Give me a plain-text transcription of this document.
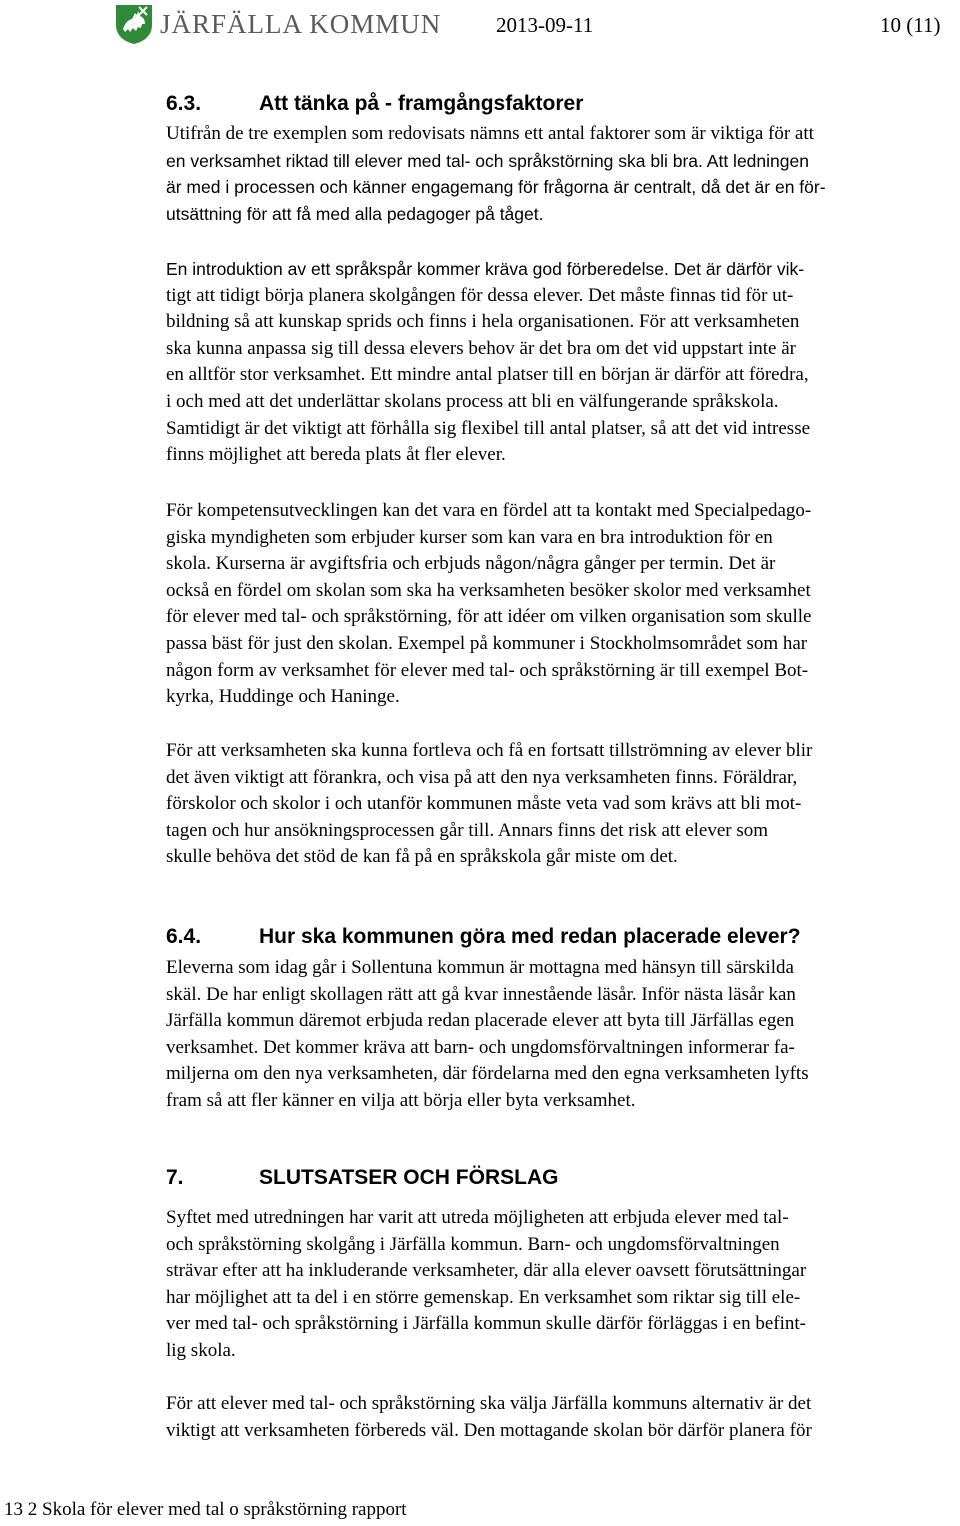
JÄRFÄLLA KOMMUN	2013-09-11	10 (11)
6.3.	Att tänka på - framgångsfaktorer
Utifrån de tre exemplen som redovisats nämns ett antal faktorer som är viktiga för att
en verksamhet riktad till elever med tal- och språkstörning ska bli bra. Att ledningen
är med i processen och känner engagemang för frågorna är centralt, då det är en för-
utsättning för att få med alla pedagoger på tåget.
En introduktion av ett språkspår kommer kräva god förberedelse. Det är därför vik-
tigt att tidigt börja planera skolgången för dessa elever. Det måste finnas tid för ut-
bildning så att kunskap sprids och finns i hela organisationen. För att verksamheten
ska kunna anpassa sig till dessa elevers behov är det bra om det vid uppstart inte är
en alltför stor verksamhet. Ett mindre antal platser till en början är därför att föredra,
i och med att det underlättar skolans process att bli en välfungerande språkskola.
Samtidigt är det viktigt att förhålla sig flexibel till antal platser, så att det vid intresse
finns möjlighet att bereda plats åt fler elever.
För kompetensutvecklingen kan det vara en fördel att ta kontakt med Specialpedago-
giska myndigheten som erbjuder kurser som kan vara en bra introduktion för en
skola. Kurserna är avgiftsfria och erbjuds någon/några gånger per termin. Det är
också en fördel om skolan som ska ha verksamheten besöker skolor med verksamhet
för elever med tal- och språkstörning, för att idéer om vilken organisation som skulle
passa bäst för just den skolan. Exempel på kommuner i Stockholmsområdet som har
någon form av verksamhet för elever med tal- och språkstörning är till exempel Bot-
kyrka, Huddinge och Haninge.
För att verksamheten ska kunna fortleva och få en fortsatt tillströmning av elever blir
det även viktigt att förankra, och visa på att den nya verksamheten finns. Föräldrar,
förskolor och skolor i och utanför kommunen måste veta vad som krävs att bli mot-
tagen och hur ansökningsprocessen går till. Annars finns det risk att elever som
skulle behöva det stöd de kan få på en språkskola går miste om det.
6.4.	Hur ska kommunen göra med redan placerade elever?
Eleverna som idag går i Sollentuna kommun är mottagna med hänsyn till särskilda
skäl. De har enligt skollagen rätt att gå kvar innestående läsår. Inför nästa läsår kan
Järfälla kommun däremot erbjuda redan placerade elever att byta till Järfällas egen
verksamhet. Det kommer kräva att barn- och ungdomsförvaltningen informerar fa-
miljerna om den nya verksamheten, där fördelarna med den egna verksamheten lyfts
fram så att fler känner en vilja att börja eller byta verksamhet.
7.	SLUTSATSER OCH FÖRSLAG
Syftet med utredningen har varit att utreda möjligheten att erbjuda elever med tal-
och språkstörning skolgång i Järfälla kommun. Barn- och ungdomsförvaltningen
strävar efter att ha inkluderande verksamheter, där alla elever oavsett förutsättningar
har möjlighet att ta del i en större gemenskap. En verksamhet som riktar sig till ele-
ver med tal- och språkstörning i Järfälla kommun skulle därför förläggas i en befint-
lig skola.
För att elever med tal- och språkstörning ska välja Järfälla kommuns alternativ är det
viktigt att verksamheten förbereds väl. Den mottagande skolan bör därför planera för
13 2 Skola för elever med tal o språkstörning rapport
